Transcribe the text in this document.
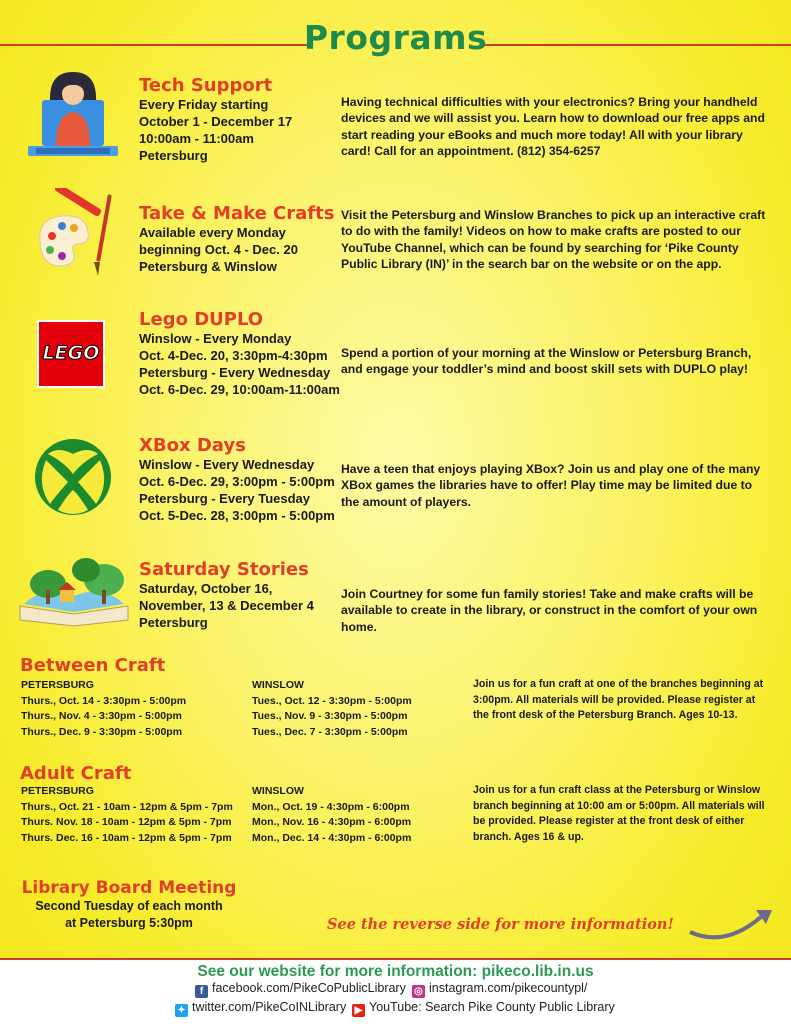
Programs
Tech Support
Every Friday starting
October 1 - December 17
10:00am - 11:00am
Petersburg
Having technical difficulties with your electronics? Bring your handheld devices and we will assist you. Learn how to download our free apps and start reading your eBooks and much more today! All with your library card! Call for an appointment. (812) 354-6257
Take & Make Crafts
Available every Monday
beginning Oct. 4 - Dec. 20
Petersburg & Winslow
Visit the Petersburg and Winslow Branches to pick up an interactive craft to do with the family! Videos on how to make crafts are posted to our YouTube Channel, which can be found by searching for ‘Pike County Public Library (IN)’ in the search bar on the website or on the app.
LEGO
Lego DUPLO
Winslow - Every Monday
Oct. 4-Dec. 20, 3:30pm-4:30pm
Petersburg - Every Wednesday
Oct. 6-Dec. 29, 10:00am-11:00am
Spend a portion of your morning at the Winslow or Petersburg Branch, and engage your toddler’s mind and boost skill sets with DUPLO play!
XBox Days
Winslow - Every Wednesday
Oct. 6-Dec. 29, 3:00pm - 5:00pm
Petersburg - Every Tuesday
Oct. 5-Dec. 28, 3:00pm - 5:00pm
Have a teen that enjoys playing XBox? Join us and play one of the many XBox games the libraries have to offer! Play time may be limited due to the amount of players.
Saturday Stories
Saturday, October 16,
November, 13 & December 4
Petersburg
Join Courtney for some fun family stories! Take and make crafts will be available to create in the library, or construct in the comfort of your own home.
Between Craft
PETERSBURG
Thurs., Oct. 14 - 3:30pm - 5:00pm
Thurs., Nov. 4 - 3:30pm - 5:00pm
Thurs., Dec. 9 - 3:30pm - 5:00pm
WINSLOW
Tues., Oct. 12 - 3:30pm - 5:00pm
Tues., Nov. 9 - 3:30pm - 5:00pm
Tues., Dec. 7 - 3:30pm - 5:00pm
Join us for a fun craft at one of the branches beginning at 3:00pm. All materials will be provided. Please register at the front desk of the Petersburg Branch. Ages 10-13.
Adult Craft
PETERSBURG
Thurs., Oct. 21 - 10am - 12pm & 5pm - 7pm
Thurs. Nov. 18 - 10am - 12pm & 5pm - 7pm
Thurs. Dec. 16 - 10am - 12pm & 5pm - 7pm
WINSLOW
Mon., Oct. 19 - 4:30pm - 6:00pm
Mon., Nov. 16 - 4:30pm - 6:00pm
Mon., Dec. 14 - 4:30pm - 6:00pm
Join us for a fun craft class at the Petersburg or Winslow branch beginning at 10:00 am or 5:00pm. All materials will be provided. Please register at the front desk of either branch. Ages 16 & up.
Library Board Meeting
Second Tuesday of each month
at Petersburg 5:30pm	See the reverse side for more information!
See our website for more information: pikeco.lib.in.us
f facebook.com/PikeCoPublicLibrary ◎ instagram.com/pikecountypl/
✦ twitter.com/PikeCoINLibrary ▶ YouTube: Search Pike County Public Library
